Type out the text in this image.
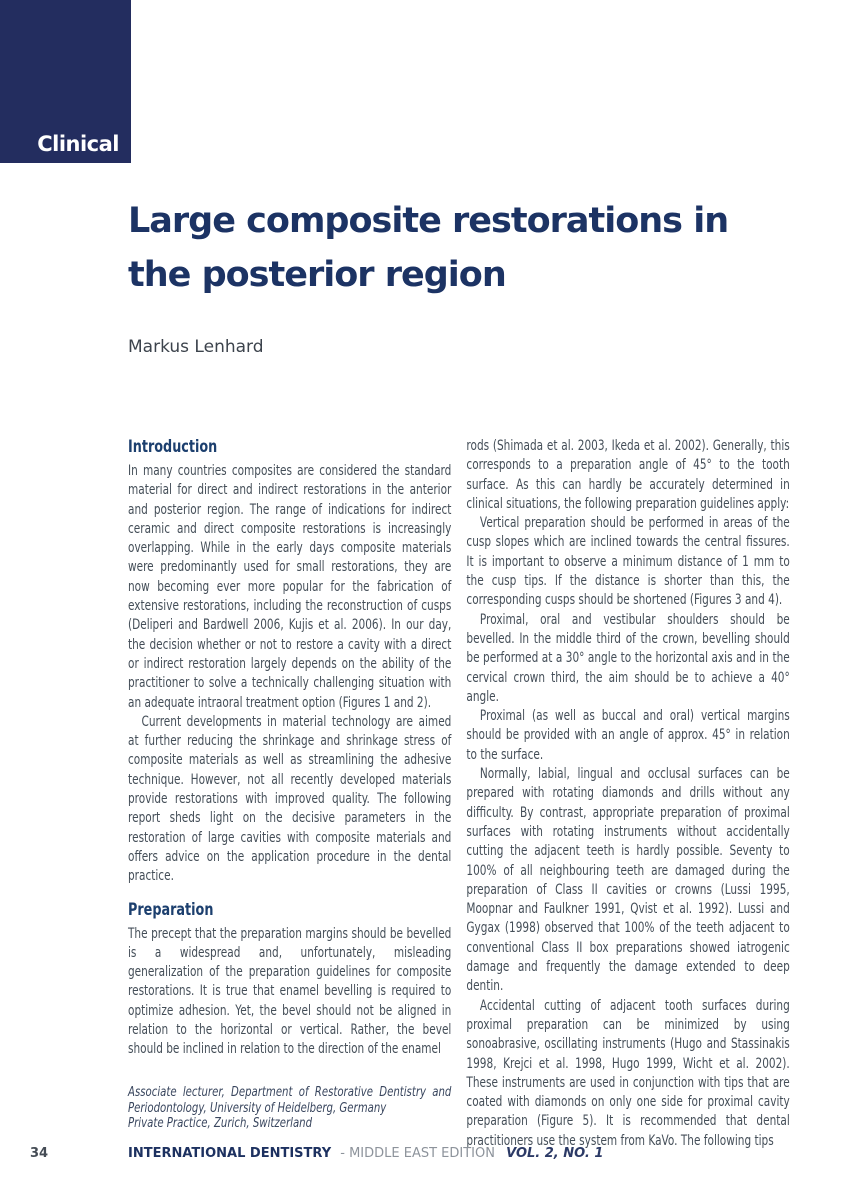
Clinical
Large composite restorations in
the posterior region
Markus Lenhard
Introduction

In many countries composites are considered the standard material for direct and indirect restorations in the anterior and posterior region. The range of indications for indirect ceramic and direct composite restorations is increasingly overlapping. While in the early days composite materials were predominantly used for small restorations, they are now becoming ever more popular for the fabrication of extensive restorations, including the reconstruction of cusps (Deliperi and Bardwell 2006, Kujis et al. 2006). In our day, the decision whether or not to restore a cavity with a direct or indirect restoration largely depends on the ability of the practitioner to solve a technically challenging situation with an adequate intraoral treatment option (Figures 1 and 2).

Current developments in material technology are aimed at further reducing the shrinkage and shrinkage stress of composite materials as well as streamlining the adhesive technique. However, not all recently developed materials provide restorations with improved quality. The following report sheds light on the decisive parameters in the restoration of large cavities with composite materials and offers advice on the application procedure in the dental practice.

Preparation

The precept that the preparation margins should be bevelled is a widespread and, unfortunately, misleading generalization of the preparation guidelines for composite restorations. It is true that enamel bevelling is required to optimize adhesion. Yet, the bevel should not be aligned in relation to the horizontal or vertical. Rather, the bevel should be inclined in relation to the direction of the enamel

Associate lecturer, Department of Restorative Dentistry and Periodontology, University of Heidelberg, Germany

Private Practice, Zurich, Switzerland

rods (Shimada et al. 2003, Ikeda et al. 2002). Generally, this corresponds to a preparation angle of 45° to the tooth surface. As this can hardly be accurately determined in clinical situations, the following preparation guidelines apply:

Vertical preparation should be performed in areas of the cusp slopes which are inclined towards the central fissures. It is important to observe a minimum distance of 1 mm to the cusp tips. If the distance is shorter than this, the corresponding cusps should be shortened (Figures 3 and 4).

Proximal, oral and vestibular shoulders should be bevelled. In the middle third of the crown, bevelling should be performed at a 30° angle to the horizontal axis and in the cervical crown third, the aim should be to achieve a 40° angle.

Proximal (as well as buccal and oral) vertical margins should be provided with an angle of approx. 45° in relation to the surface.

Normally, labial, lingual and occlusal surfaces can be prepared with rotating diamonds and drills without any difficulty. By contrast, appropriate preparation of proximal surfaces with rotating instruments without accidentally cutting the adjacent teeth is hardly possible. Seventy to 100% of all neighbouring teeth are damaged during the preparation of Class II cavities or crowns (Lussi 1995, Moopnar and Faulkner 1991, Qvist et al. 1992). Lussi and Gygax (1998) observed that 100% of the teeth adjacent to conventional Class II box preparations showed iatrogenic damage and frequently the damage extended to deep dentin.

Accidental cutting of adjacent tooth surfaces during proximal preparation can be minimized by using sonoabrasive, oscillating instruments (Hugo and Stassinakis 1998, Krejci et al. 1998, Hugo 1999, Wicht et al. 2002). These instruments are used in conjunction with tips that are coated with diamonds on only one side for proximal cavity preparation (Figure 5). It is recommended that dental practitioners use the system from KaVo. The following tips

34	INTERNATIONAL DENTISTRY - MIDDLE EAST EDITION VOL. 2, NO. 1
